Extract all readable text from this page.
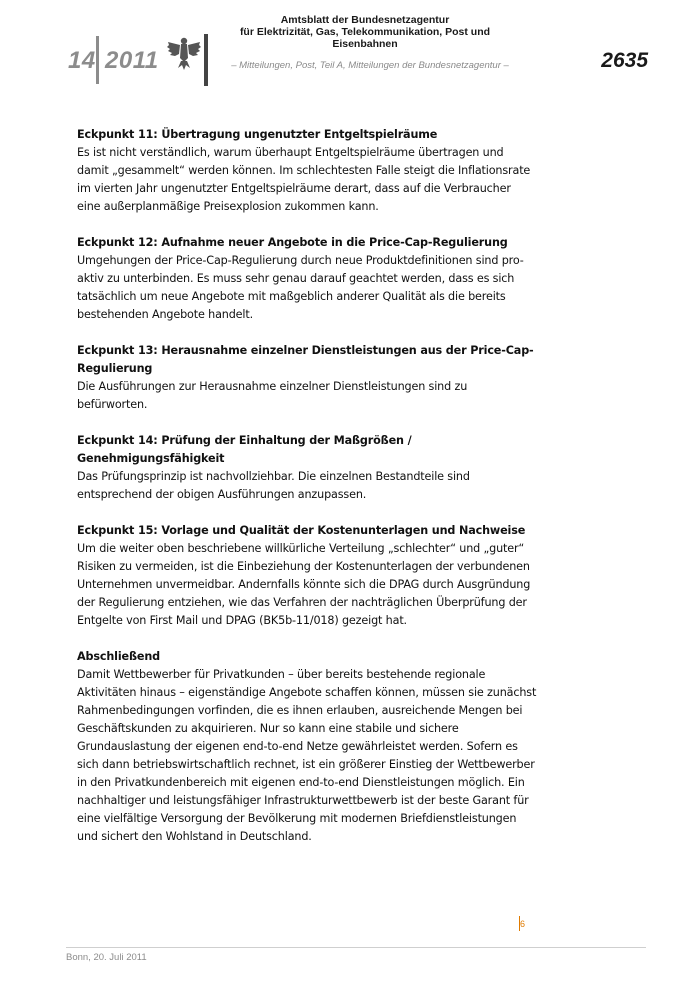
14 2011
Amtsblatt der Bundesnetzagentur
für Elektrizität, Gas, Telekommunikation, Post und Eisenbahnen
– Mitteilungen, Post, Teil A, Mitteilungen der Bundesnetzagentur –	2635

Eckpunkt 11: Übertragung ungenutzter Entgeltspielräume

Es ist nicht verständlich, warum überhaupt Entgeltspielräume übertragen und damit „gesammelt“ werden können. Im schlechtesten Falle steigt die Inflationsrate im vierten Jahr ungenutzter Entgeltspielräume derart, dass auf die Verbraucher eine außerplanmäßige Preisexplosion zukommen kann.

Eckpunkt 12: Aufnahme neuer Angebote in die Price-Cap-Regulierung

Umgehungen der Price-Cap-Regulierung durch neue Produktdefinitionen sind pro-aktiv zu unterbinden. Es muss sehr genau darauf geachtet werden, dass es sich tatsächlich um neue Angebote mit maßgeblich anderer Qualität als die bereits bestehenden Angebote handelt.

Eckpunkt 13: Herausnahme einzelner Dienstleistungen aus der Price-Cap-Regulierung

Die Ausführungen zur Herausnahme einzelner Dienstleistungen sind zu befürworten.

Eckpunkt 14: Prüfung der Einhaltung der Maßgrößen / Genehmigungsfähigkeit

Das Prüfungsprinzip ist nachvollziehbar. Die einzelnen Bestandteile sind entsprechend der obigen Ausführungen anzupassen.

Eckpunkt 15: Vorlage und Qualität der Kostenunterlagen und Nachweise

Um die weiter oben beschriebene willkürliche Verteilung „schlechter“ und „guter“ Risiken zu vermeiden, ist die Einbeziehung der Kostenunterlagen der verbundenen Unternehmen unvermeidbar. Andernfalls könnte sich die DPAG durch Ausgründung der Regulierung entziehen, wie das Verfahren der nachträglichen Überprüfung der Entgelte von First Mail und DPAG (BK5b-11/018) gezeigt hat.

Abschließend

Damit Wettbewerber für Privatkunden – über bereits bestehende regionale Aktivitäten hinaus – eigenständige Angebote schaffen können, müssen sie zunächst Rahmenbedingungen vorfinden, die es ihnen erlauben, ausreichende Mengen bei Geschäftskunden zu akquirieren. Nur so kann eine stabile und sichere Grundauslastung der eigenen end-to-end Netze gewährleistet werden. Sofern es sich dann betriebswirtschaftlich rechnet, ist ein größerer Einstieg der Wettbewerber in den Privatkundenbereich mit eigenen end-to-end Dienstleistungen möglich. Ein nachhaltiger und leistungsfähiger Infrastrukturwettbewerb ist der beste Garant für eine vielfältige Versorgung der Bevölkerung mit modernen Briefdienstleistungen und sichert den Wohlstand in Deutschland.

6
Bonn, 20. Juli 2011
